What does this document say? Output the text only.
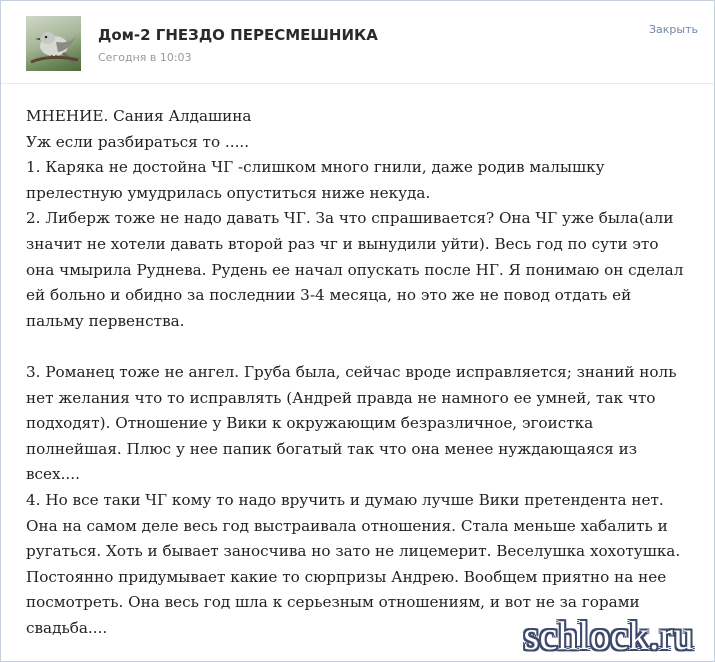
Дом-2 ГНЕЗДО ПЕРЕСМЕШНИКА
Сегодня в 10:03
Закрыть

МНЕНИЕ. Сания Алдашина

Уж если разбираться то .....

1. Каряка не достойна ЧГ -слишком много гнили, даже родив малышку

прелестную умудрилась опуститься ниже некуда.

2. Либерж тоже не надо давать ЧГ. За что спрашивается? Она ЧГ уже была(али

значит не хотели давать второй раз чг и вынудили уйти). Весь год по сути это

она чмырила Руднева. Рудень ее начал опускать после НГ. Я понимаю он сделал

ей больно и обидно за последнии 3-4 месяца, но это же не повод отдать ей

пальму первенства.

3. Романец тоже не ангел. Груба была, сейчас вроде исправляется; знаний ноль

нет желания что то исправлять (Андрей правда не намного ее умней, так что

подходят). Отношение у Вики к окружающим безразличное, эгоистка

полнейшая. Плюс у нее папик богатый так что она менее нуждающаяся из

всех....

4. Но все таки ЧГ кому то надо вручить и думаю лучше Вики претендента нет.

Она на самом деле весь год выстраивала отношения. Стала меньше хабалить и

ругаться. Хоть и бывает заносчива но зато не лицемерит. Веселушка хохотушка.

Постоянно придумывает какие то сюрпризы Андрею. Вообщем приятно на нее

посмотреть. Она весь год шла к серьезным отношениям, и вот не за горами

свадьба....	schlock.ru
